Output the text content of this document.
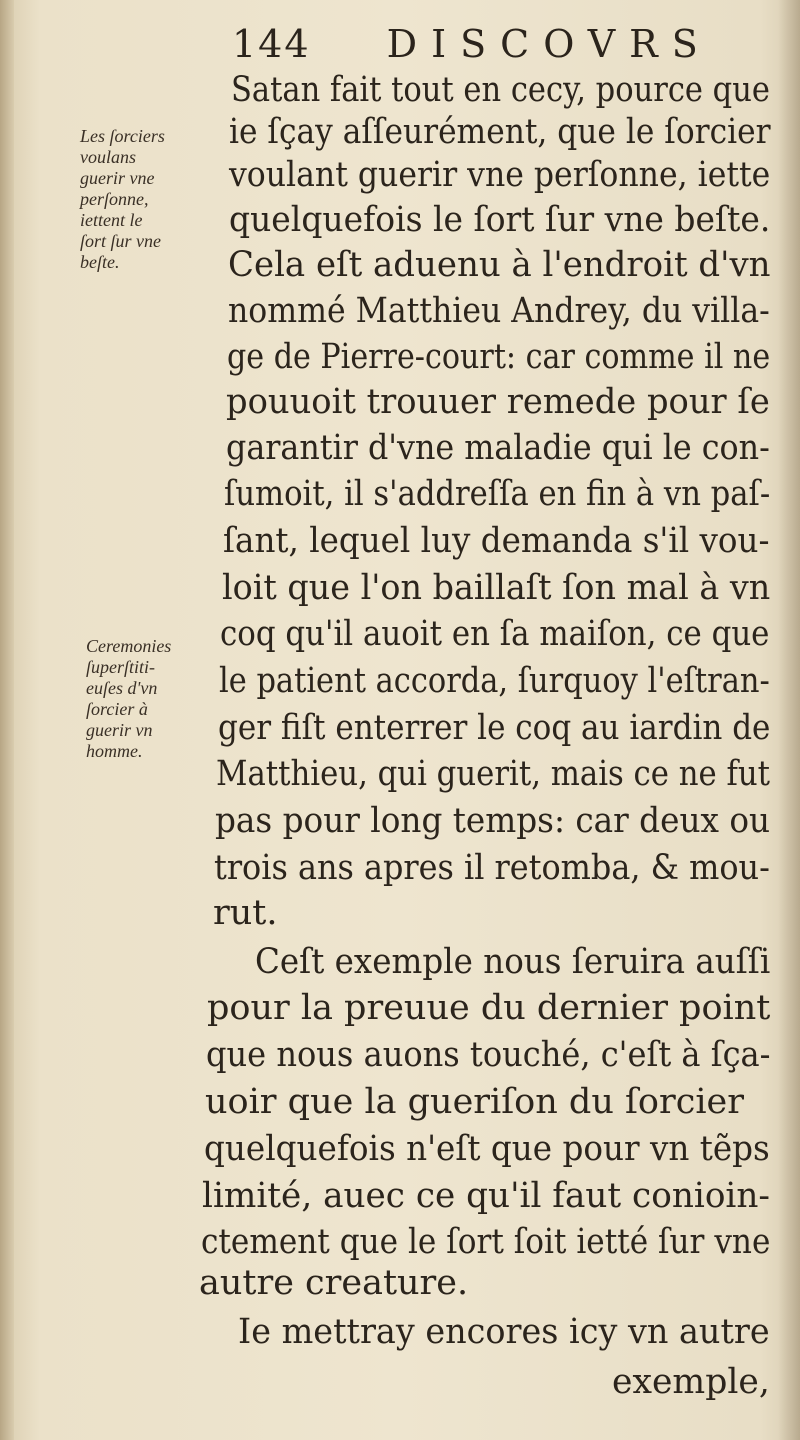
144 DISCOVRS
Satan fait tout en cecy, pource que
ie ſçay aſſeurément, que le ſorcier
voulant guerir vne perſonne, iette
quelquefois le ſort ſur vne beſte.
Cela eſt aduenu à l'endroit d'vn
nommé Matthieu Andrey, du villa-
ge de Pierre-court: car comme il ne
pouuoit trouuer remede pour ſe
garantir d'vne maladie qui le con-
ſumoit, il s'addreſſa en fin à vn paſ-
ſant, lequel luy demanda s'il vou-
loit que l'on baillaſt ſon mal à vn
coq qu'il auoit en ſa maiſon, ce que
le patient accorda, ſurquoy l'eſtran-
ger fiſt enterrer le coq au iardin de
Matthieu, qui guerit, mais ce ne fut
pas pour long temps: car deux ou
trois ans apres il retomba, & mou-
rut.
Ceſt exemple nous ſeruira auſſi
pour la preuue du dernier point
que nous auons touché, c'eſt à ſça-
uoir que la gueriſon du ſorcier
quelquefois n'eſt que pour vn tẽps
limité, auec ce qu'il faut conioin-
ctement que le ſort ſoit ietté ſur vne
autre creature.
Ie mettray encores icy vn autre
exemple,
Les ſorciers
voulans
guerir vne
perſonne,
iettent le
ſort ſur vne
beſte.
Ceremonies
ſuperſtiti-
euſes d'vn
ſorcier à
guerir vn
homme.
